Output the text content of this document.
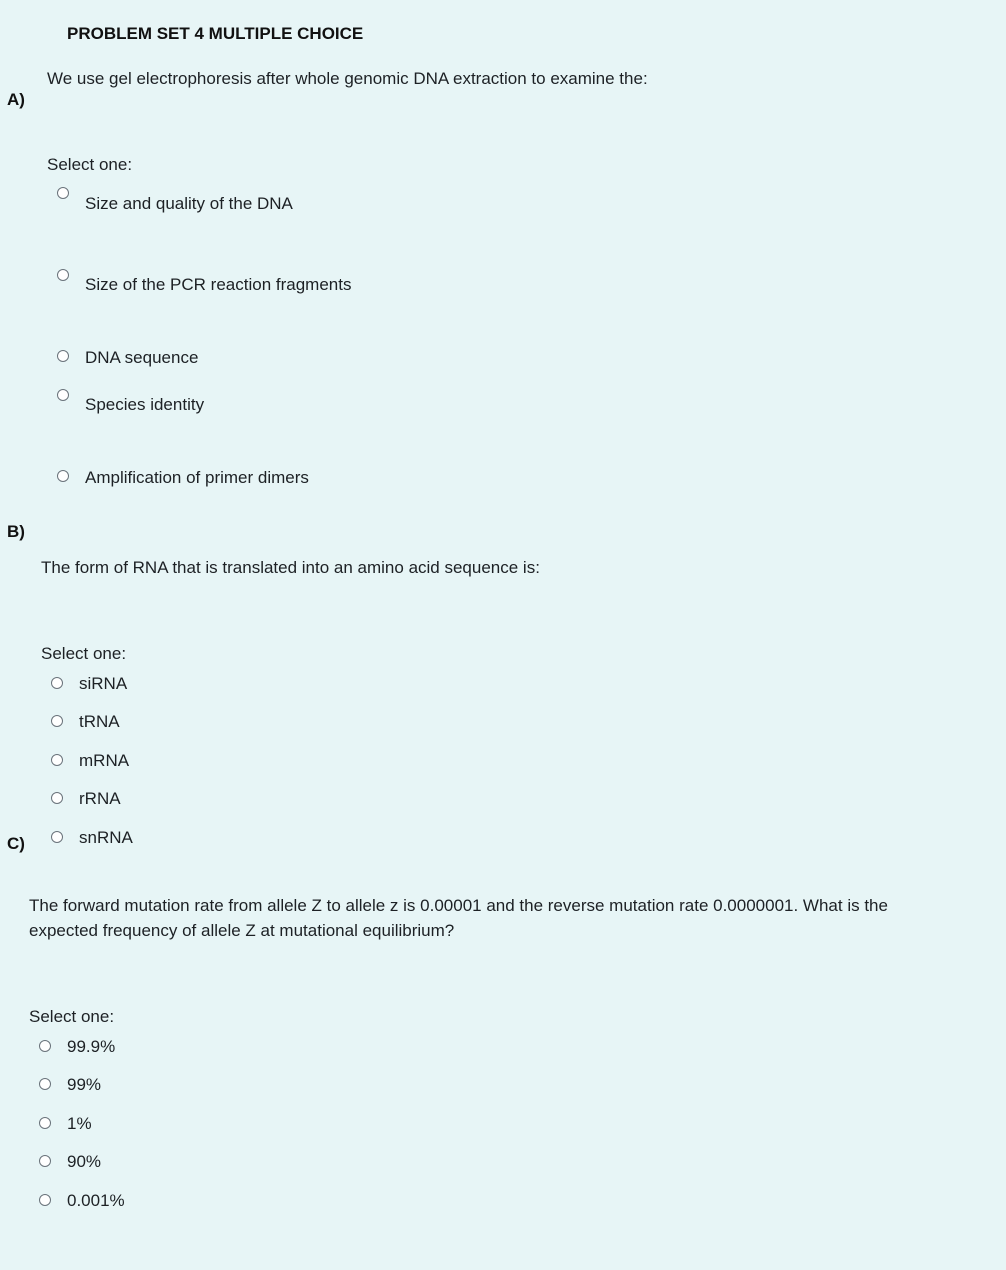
PROBLEM SET 4 MULTIPLE CHOICE
A)
We use gel electrophoresis after whole genomic DNA extraction to examine the:
Select one:
Size and quality of the DNA
Size of the PCR reaction fragments
DNA sequence
Species identity
Amplification of primer dimers
B)
The form of RNA that is translated into an amino acid sequence is:
Select one:
siRNA
tRNA
mRNA
rRNA
snRNA
C)
The forward mutation rate from allele Z to allele z is 0.00001 and the reverse mutation rate 0.0000001. What is the expected frequency of allele Z at mutational equilibrium?
Select one:
99.9%
99%
1%
90%
0.001%
